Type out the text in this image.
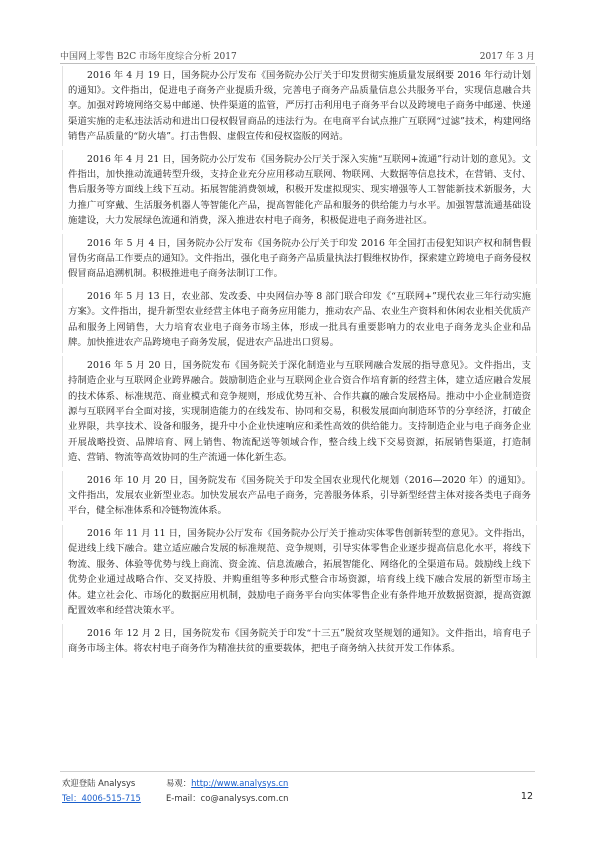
中国网上零售 B2C 市场年度综合分析 2017	2017 年 3 月

2016 年 4 月 19 日，国务院办公厅发布《国务院办公厅关于印发贯彻实施质量发展纲要 2016 年行动计划的通知》。文件指出，促进电子商务产业提质升级，完善电子商务产品质量信息公共服务平台，实现信息融合共享。加强对跨境网络交易中邮递、快件渠道的监管，严厉打击利用电子商务平台以及跨境电子商务中邮递、快递渠道实施的走私违法活动和进出口侵权假冒商品的违法行为。在电商平台试点推广互联网“过滤”技术，构建网络销售产品质量的“防火墙”。打击售假、虚假宣传和侵权盗版的网站。

2016 年 4 月 21 日，国务院办公厅发布《国务院办公厅关于深入实施“互联网+流通”行动计划的意见》。文件指出，加快推动流通转型升级，支持企业充分应用移动互联网、物联网、大数据等信息技术，在营销、支付、售后服务等方面线上线下互动。拓展智能消费领域，积极开发虚拟现实、现实增强等人工智能新技术新服务，大力推广可穿戴、生活服务机器人等智能化产品，提高智能化产品和服务的供给能力与水平。加强智慧流通基础设施建设，大力发展绿色流通和消费，深入推进农村电子商务，积极促进电子商务进社区。

2016 年 5 月 4 日，国务院办公厅发布《国务院办公厅关于印发 2016 年全国打击侵犯知识产权和制售假冒伪劣商品工作要点的通知》。文件指出，强化电子商务产品质量执法打假维权协作，探索建立跨境电子商务侵权假冒商品追溯机制。积极推进电子商务法制订工作。

2016 年 5 月 13 日，农业部、发改委、中央网信办等 8 部门联合印发《“互联网+”现代农业三年行动实施方案》。文件指出，提升新型农业经营主体电子商务应用能力，推动农产品、农业生产资料和休闲农业相关优质产品和服务上网销售，大力培育农业电子商务市场主体，形成一批具有重要影响力的农业电子商务龙头企业和品牌。加快推进农产品跨境电子商务发展，促进农产品进出口贸易。

2016 年 5 月 20 日，国务院发布《国务院关于深化制造业与互联网融合发展的指导意见》。文件指出，支持制造企业与互联网企业跨界融合。鼓励制造企业与互联网企业合资合作培育新的经营主体，建立适应融合发展的技术体系、标准规范、商业模式和竞争规则，形成优势互补、合作共赢的融合发展格局。推动中小企业制造资源与互联网平台全面对接，实现制造能力的在线发布、协同和交易，积极发展面向制造环节的分享经济，打破企业界限，共享技术、设备和服务，提升中小企业快速响应和柔性高效的供给能力。支持制造企业与电子商务企业开展战略投资、品牌培育、网上销售、物流配送等领域合作，整合线上线下交易资源，拓展销售渠道，打造制造、营销、物流等高效协同的生产流通一体化新生态。

2016 年 10 月 20 日，国务院发布《国务院关于印发全国农业现代化规划（2016—2020 年）的通知》。文件指出，发展农业新型业态。加快发展农产品电子商务，完善服务体系，引导新型经营主体对接各类电子商务平台，健全标准体系和冷链物流体系。

2016 年 11 月 11 日，国务院办公厅发布《国务院办公厅关于推动实体零售创新转型的意见》。文件指出，促进线上线下融合。建立适应融合发展的标准规范、竞争规则，引导实体零售企业逐步提高信息化水平，将线下物流、服务、体验等优势与线上商流、资金流、信息流融合，拓展智能化、网络化的全渠道布局。鼓励线上线下优势企业通过战略合作、交叉持股、并购重组等多种形式整合市场资源，培育线上线下融合发展的新型市场主体。建立社会化、市场化的数据应用机制，鼓励电子商务平台向实体零售企业有条件地开放数据资源，提高资源配置效率和经营决策水平。

2016 年 12 月 2 日，国务院发布《国务院关于印发“十三五”脱贫攻坚规划的通知》。文件指出，培育电子商务市场主体。将农村电子商务作为精准扶贫的重要载体，把电子商务纳入扶贫开发工作体系。

欢迎登陆 Analysys	易观： http://www.analysys.cn
Tel：4006-515-715	E-mail：co@analysys.com.cn	12
